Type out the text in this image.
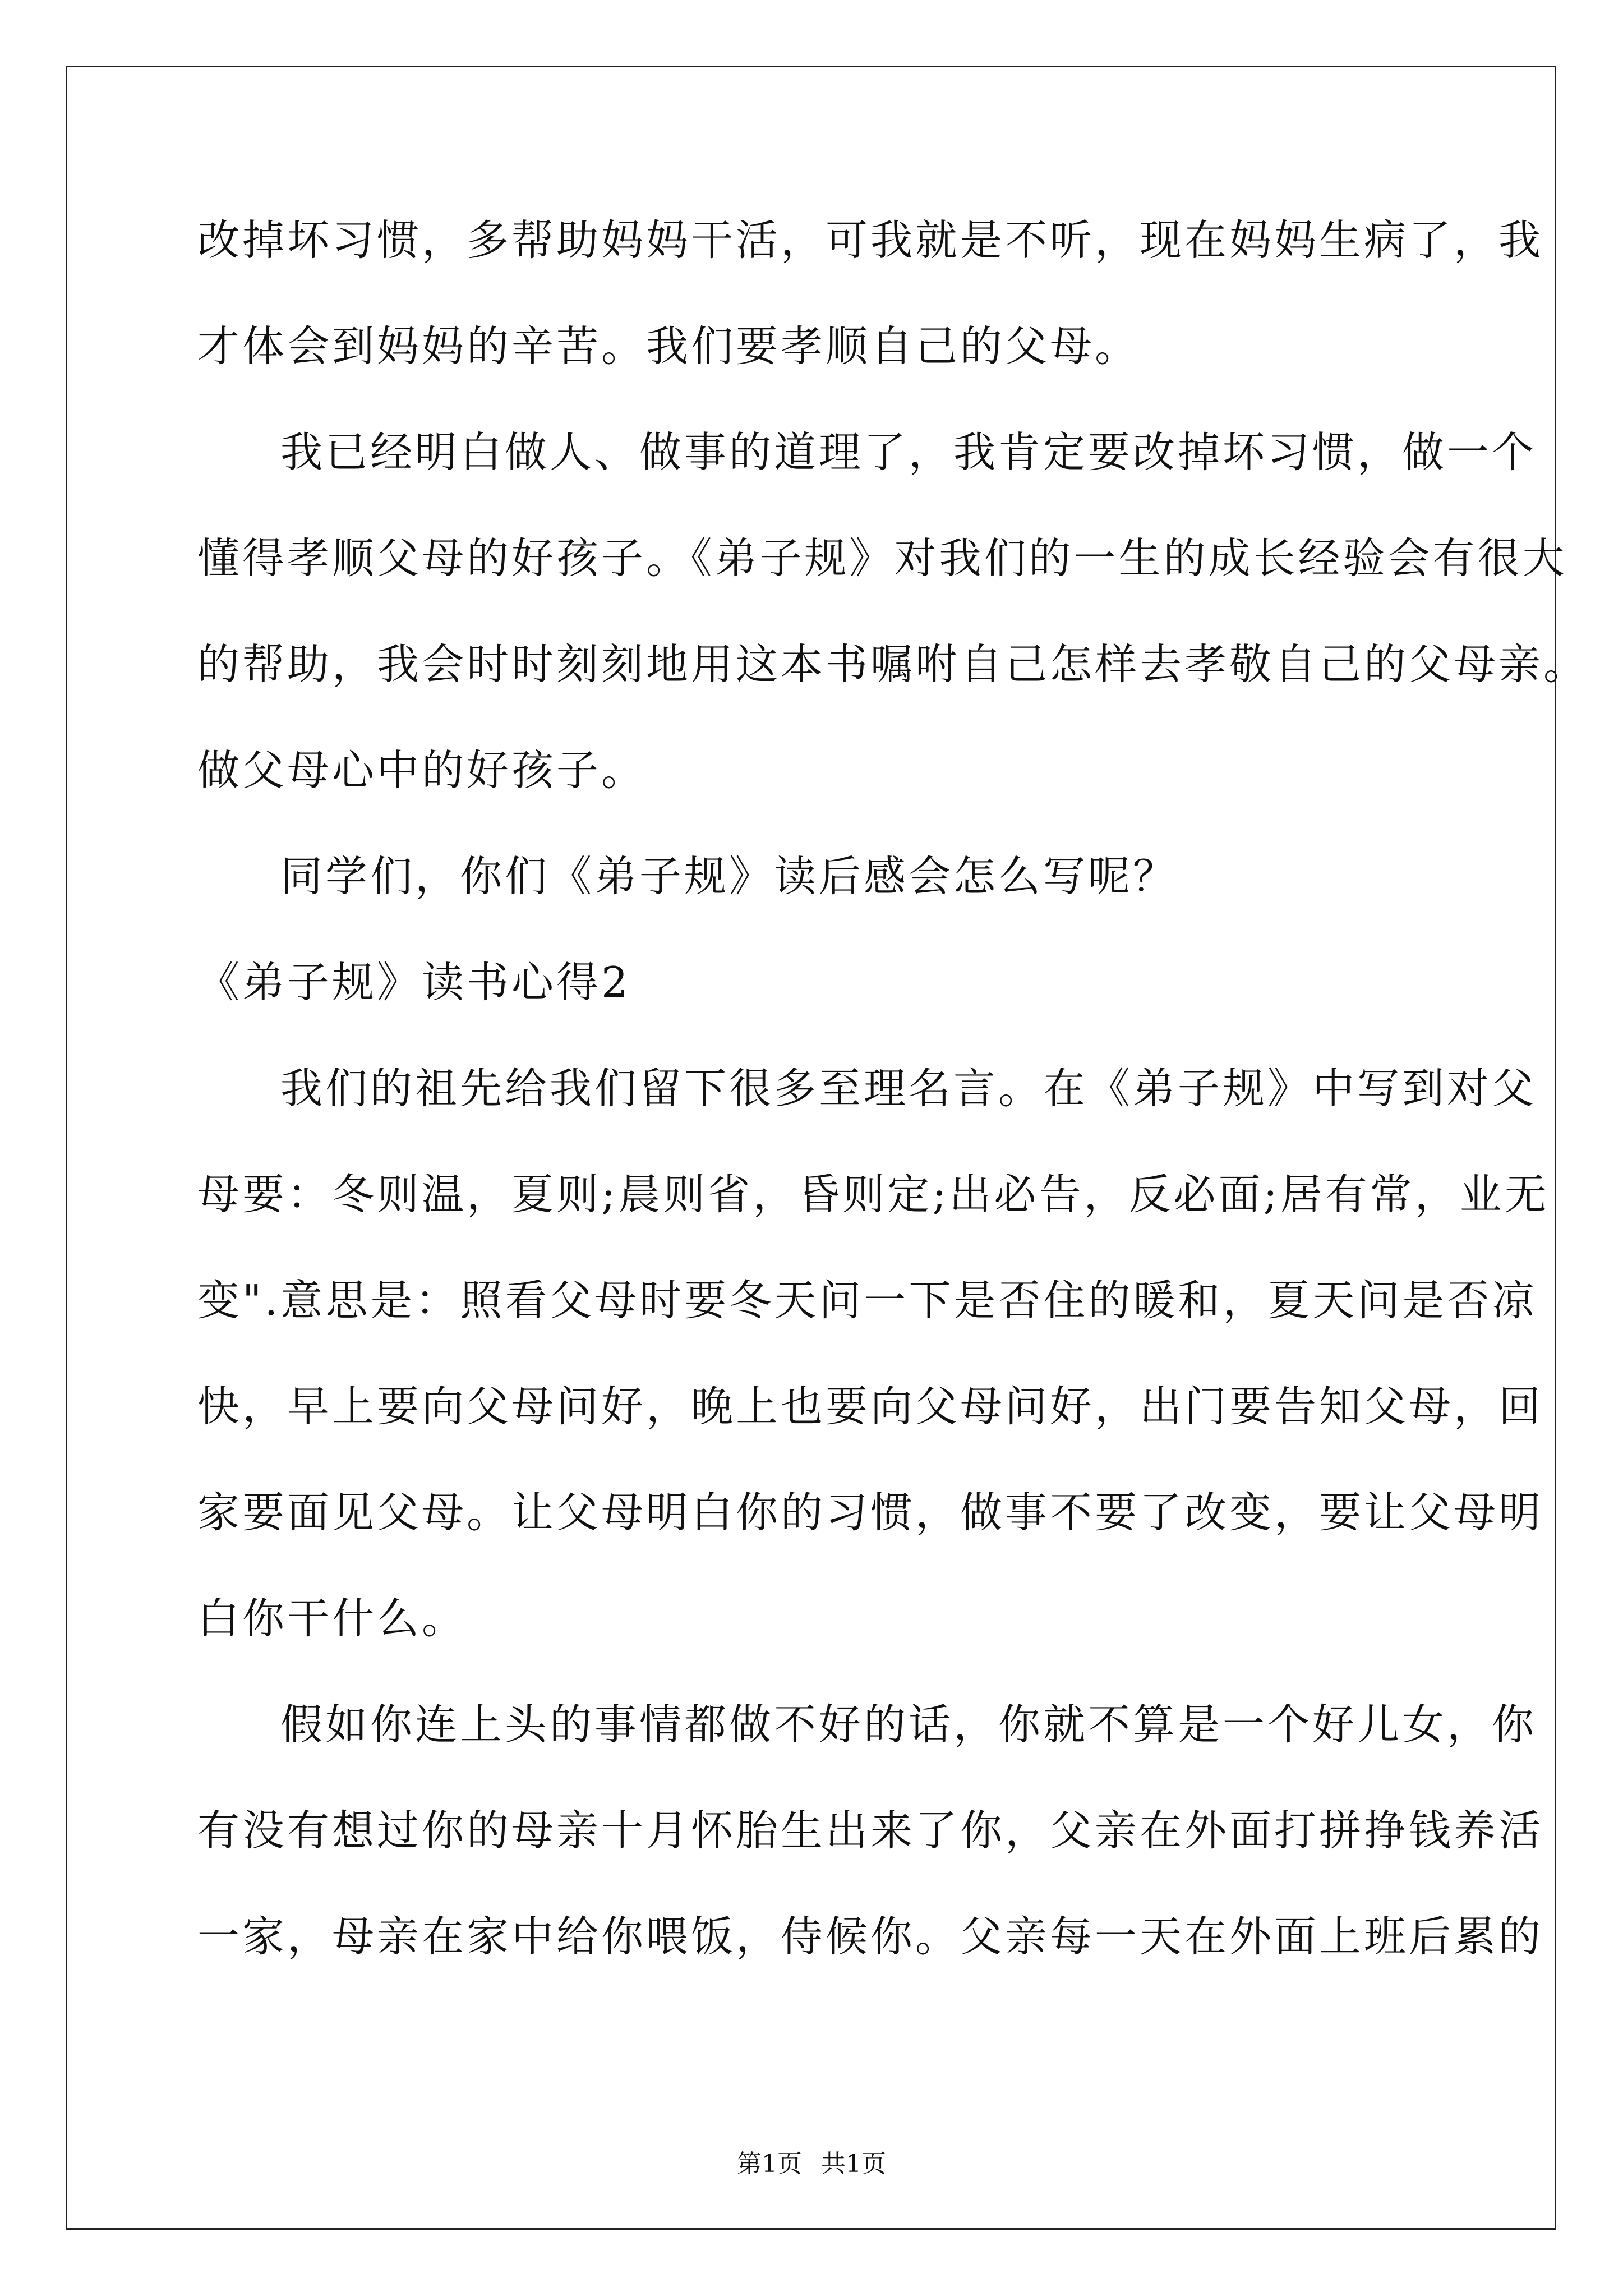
改掉坏习惯，多帮助妈妈干活，可我就是不听，现在妈妈生病了，我
才体会到妈妈的辛苦。我们要孝顺自己的父母。
我已经明白做人、做事的道理了，我肯定要改掉坏习惯，做一个
懂得孝顺父母的好孩子。《弟子规》对我们的一生的成长经验会有很大
的帮助，我会时时刻刻地用这本书嘱咐自己怎样去孝敬自己的父母亲。
做父母心中的好孩子。
同学们，你们《弟子规》读后感会怎么写呢？
《弟子规》读书心得2
我们的祖先给我们留下很多至理名言。在《弟子规》中写到对父
母要：冬则温，夏则;晨则省，昏则定;出必告，反必面;居有常，业无
变".意思是：照看父母时要冬天问一下是否住的暖和，夏天问是否凉
快，早上要向父母问好，晚上也要向父母问好，出门要告知父母，回
家要面见父母。让父母明白你的习惯，做事不要了改变，要让父母明
白你干什么。
假如你连上头的事情都做不好的话，你就不算是一个好儿女，你
有没有想过你的母亲十月怀胎生出来了你，父亲在外面打拼挣钱养活
一家，母亲在家中给你喂饭，侍候你。父亲每一天在外面上班后累的
第1页 共1页
